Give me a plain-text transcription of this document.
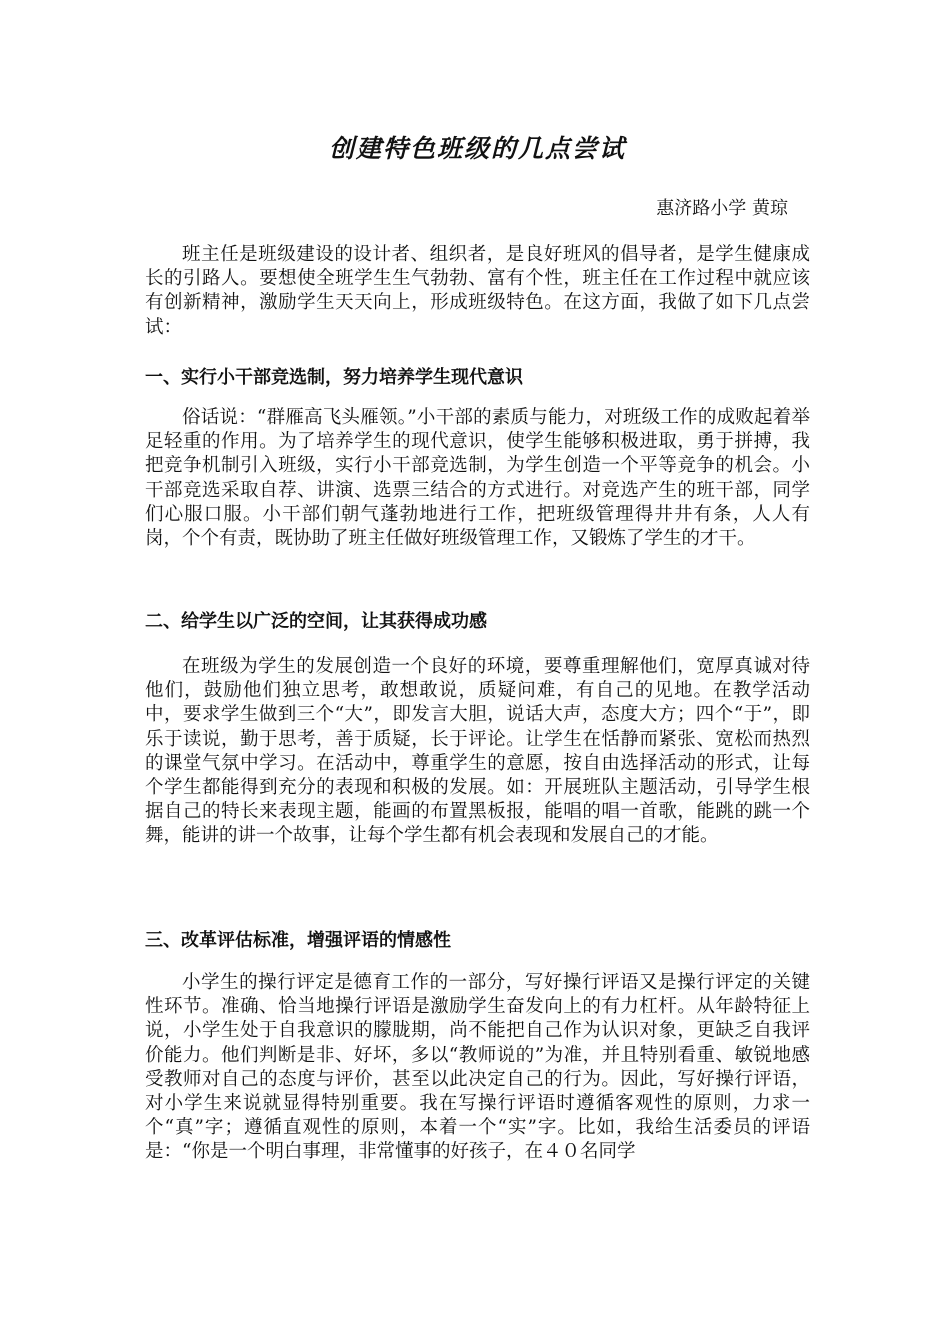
创建特色班级的几点尝试
惠济路小学 黄琼
班主任是班级建设的设计者、组织者，是良好班风的倡导者，是学生健康成长的引路人。要想使全班学生生气勃勃、富有个性，班主任在工作过程中就应该有创新精神，激励学生天天向上，形成班级特色。在这方面，我做了如下几点尝试：
一、实行小干部竞选制，努力培养学生现代意识
俗话说：“群雁高飞头雁领。”小干部的素质与能力，对班级工作的成败起着举足轻重的作用。为了培养学生的现代意识，使学生能够积极进取，勇于拼搏，我把竞争机制引入班级，实行小干部竞选制，为学生创造一个平等竞争的机会。小干部竞选采取自荐、讲演、选票三结合的方式进行。对竞选产生的班干部，同学们心服口服。小干部们朝气蓬勃地进行工作，把班级管理得井井有条，人人有岗，个个有责，既协助了班主任做好班级管理工作，又锻炼了学生的才干。
二、给学生以广泛的空间，让其获得成功感
在班级为学生的发展创造一个良好的环境，要尊重理解他们，宽厚真诚对待他们，鼓励他们独立思考，敢想敢说，质疑问难，有自己的见地。在教学活动中，要求学生做到三个“大”，即发言大胆，说话大声，态度大方；四个“于”，即乐于读说，勤于思考，善于质疑，长于评论。让学生在恬静而紧张、宽松而热烈的课堂气氛中学习。在活动中，尊重学生的意愿，按自由选择活动的形式，让每个学生都能得到充分的表现和积极的发展。如：开展班队主题活动，引导学生根据自己的特长来表现主题，能画的布置黑板报，能唱的唱一首歌，能跳的跳一个舞，能讲的讲一个故事，让每个学生都有机会表现和发展自己的才能。
三、改革评估标准，增强评语的情感性
小学生的操行评定是德育工作的一部分，写好操行评语又是操行评定的关键性环节。准确、恰当地操行评语是激励学生奋发向上的有力杠杆。从年龄特征上说，小学生处于自我意识的朦胧期，尚不能把自己作为认识对象，更缺乏自我评价能力。他们判断是非、好坏，多以“教师说的”为准，并且特别看重、敏锐地感受教师对自己的态度与评价，甚至以此决定自己的行为。因此，写好操行评语，对小学生来说就显得特别重要。我在写操行评语时遵循客观性的原则，力求一个“真”字；遵循直观性的原则，本着一个“实”字。比如，我给生活委员的评语是：“你是一个明白事理，非常懂事的好孩子，在４０名同学
